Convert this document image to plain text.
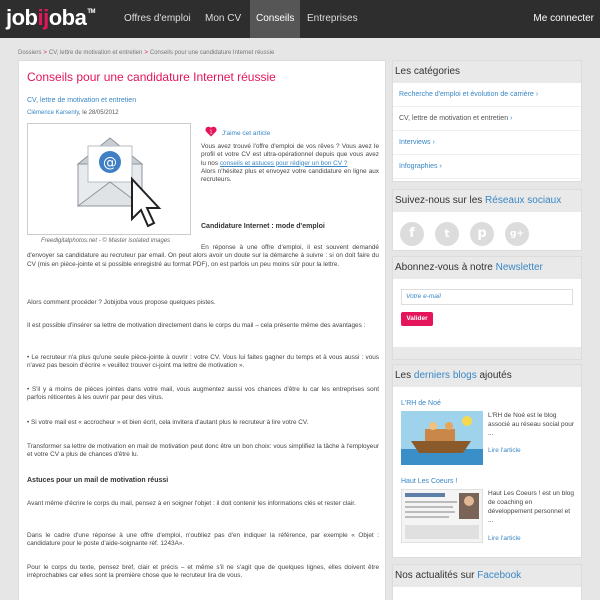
jobijoba™
Offres d'emploi	Mon CV	Conseils	Entreprises	Me connecter
Dossiers > CV, lettre de motivation et entretien > Conseils pour une candidature Internet réussie
Conseils pour une candidature Internet réussie
CV, lettre de motivation et entretien
Clémence Karsenty, le 28/05/2012
@
Freedigitalphotos.net - © Master isolated images
1 J'aime cet article
Vous avez trouvé l'offre d'emploi de vos rêves ? Vous avez le profil et votre CV est ultra-opérationnel depuis que vous avez lu nos conseils et astuces pour rédiger un bon CV ?
Alors n'hésitez plus et envoyez votre candidature en ligne aux recruteurs.
Candidature Internet : mode d'emploi
En réponse à une offre d'emploi, il est souvent demandé d'envoyer sa candidature au recruteur par email. On peut alors avoir un doute sur la démarche à suivre : si on doit faire du CV (mis en pièce-jointe et si possible enregistré au format PDF), on est parfois un peu moins sûr pour la lettre.
Alors comment procéder ? Jobijoba vous propose quelques pistes.
Il est possible d'insérer sa lettre de motivation directement dans le corps du mail – cela présente même des avantages :
• Le recruteur n'a plus qu'une seule pièce-jointe à ouvrir : votre CV. Vous lui faites gagner du temps et à vous aussi : vous n'avez pas besoin d'écrire « veuillez trouver ci-joint ma lettre de motivation ».
• S'il y a moins de pièces jointes dans votre mail, vous augmentez aussi vos chances d'être lu car les entreprises sont parfois réticentes à les ouvrir par peur des virus.
• Si votre mail est « accrocheur » et bien écrit, cela invitera d'autant plus le recruteur à lire votre CV.
Transformer sa lettre de motivation en mail de motivation peut donc être un bon choix: vous simplifiez la tâche à l'employeur et votre CV a plus de chances d'être lu.
Astuces pour un mail de motivation réussi
Avant même d'écrire le corps du mail, pensez à en soigner l'objet : il doit contenir les informations clés et rester clair.
Dans le cadre d'une réponse à une offre d'emploi, n'oubliez pas d'en indiquer la référence, par exemple « Objet : candidature pour le poste d'aide-soignante réf. 1243A».
Pour le corps du texte, pensez bref, clair et précis – et même s'il ne s'agit que de quelques lignes, elles doivent être irréprochables car elles sont la première chose que le recruteur lira de vous.
Les catégories
Recherche d'emploi et évolution de carrière ›
CV, lettre de motivation et entretien ›
Interviews ›
Infographies ›
Suivez-nous sur les Réseaux sociaux
f	t	p	g+
Abonnez-vous à notre Newsletter
Votre e-mail
Valider
Les derniers blogs ajoutés
L'RH de Noé
L'RH de Noé est le blog associé au réseau social pour ...
Lire l'article
Haut Les Coeurs !
Haut Les Coeurs ! est un blog de coaching en développement personnel et ...
Lire l'article
Nos actualités sur Facebook
